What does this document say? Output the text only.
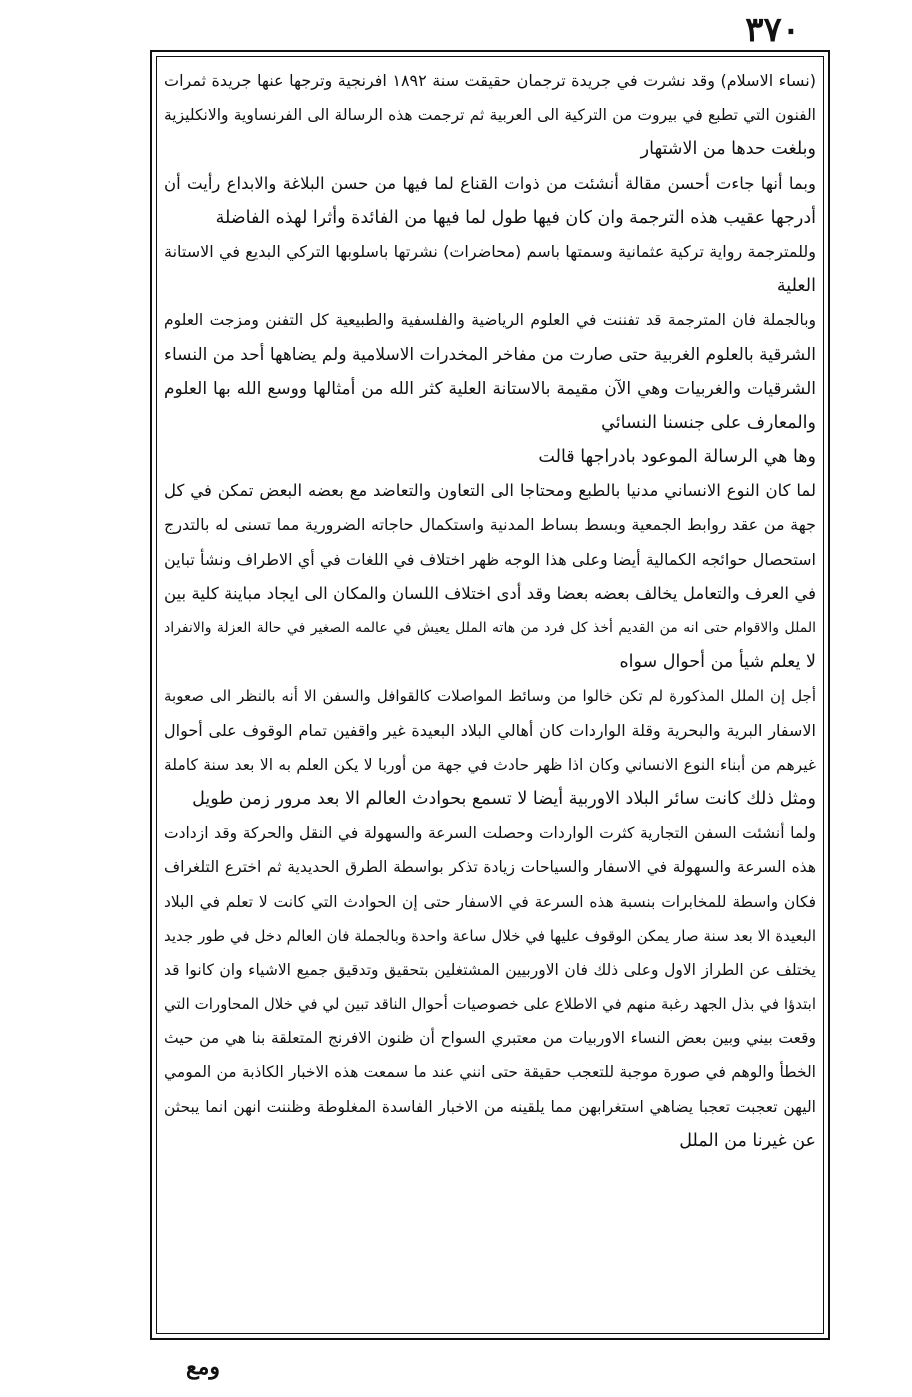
٣٧٠
(نساء الاسلام) وقد نشرت في جريدة ترجمان حقيقت سنة ١٨٩٢ افرنجية وترجها عنها جريدة ثمرات
الفنون التي تطبع في بيروت من التركية الى العربية ثم ترجمت هذه الرسالة الى الفرنساوية والانكليزية
وبلغت حدها من الاشتهار
وبما أنها جاءت أحسن مقالة أنشئت من ذوات القناع لما فيها من حسن البلاغة والابداع رأيت أن
أدرجها عقيب هذه الترجمة وان كان فيها طول لما فيها من الفائدة وأثرا لهذه الفاضلة
وللمترجمة رواية تركية عثمانية وسمتها باسم (محاضرات) نشرتها باسلوبها التركي البديع في الاستانة
العلية
وبالجملة فان المترجمة قد تفننت في العلوم الرياضية والفلسفية والطبيعية كل التفنن ومزجت العلوم
الشرقية بالعلوم الغربية حتى صارت من مفاخر المخدرات الاسلامية ولم يضاهها أحد من النساء
الشرقيات والغربيات وهي الآن مقيمة بالاستانة العلية كثر الله من أمثالها ووسع الله بها العلوم
والمعارف على جنسنا النسائي
وها هي الرسالة الموعود بادراجها قالت
لما كان النوع الانساني مدنيا بالطبع ومحتاجا الى التعاون والتعاضد مع بعضه البعض تمكن في كل
جهة من عقد روابط الجمعية وبسط بساط المدنية واستكمال حاجاته الضرورية مما تسنى له بالتدرج
استحصال حوائجه الكمالية أيضا وعلى هذا الوجه ظهر اختلاف في اللغات في أي الاطراف ونشأ تباين
في العرف والتعامل يخالف بعضه بعضا وقد أدى اختلاف اللسان والمكان الى ايجاد مباينة كلية بين
الملل والاقوام حتى انه من القديم أخذ كل فرد من هاته الملل يعيش في عالمه الصغير في حالة العزلة والانفراد
لا يعلم شيأ من أحوال سواه
أجل إن الملل المذكورة لم تكن خالوا من وسائط المواصلات كالقوافل والسفن الا أنه بالنظر الى صعوبة
الاسفار البرية والبحرية وقلة الواردات كان أهالي البلاد البعيدة غير واقفين تمام الوقوف على أحوال
غيرهم من أبناء النوع الانساني وكان اذا ظهر حادث في جهة من أوربا لا يكن العلم به الا بعد سنة كاملة
ومثل ذلك كانت سائر البلاد الاوربية أيضا لا تسمع بحوادث العالم الا بعد مرور زمن طويل
ولما أنشئت السفن التجارية كثرت الواردات وحصلت السرعة والسهولة في النقل والحركة وقد ازدادت
هذه السرعة والسهولة في الاسفار والسياحات زيادة تذكر بواسطة الطرق الحديدية ثم اخترع التلغراف
فكان واسطة للمخابرات بنسبة هذه السرعة في الاسفار حتى إن الحوادث التي كانت لا تعلم في البلاد
البعيدة الا بعد سنة صار يمكن الوقوف عليها في خلال ساعة واحدة وبالجملة فان العالم دخل في طور جديد
يختلف عن الطراز الاول وعلى ذلك فان الاوربيين المشتغلين بتحقيق وتدقيق جميع الاشياء وان كانوا قد
ابتدؤا في بذل الجهد رغبة منهم في الاطلاع على خصوصيات أحوال الناقد تبين لي في خلال المحاورات التي
وقعت بيني وبين بعض النساء الاوربيات من معتبري السواح أن ظنون الافرنج المتعلقة بنا هي من حيث
الخطأ والوهم في صورة موجبة للتعجب حقيقة حتى انني عند ما سمعت هذه الاخبار الكاذبة من المومي
اليهن تعجبت تعجبا يضاهي استغرابهن مما يلقينه من الاخبار الفاسدة المغلوطة وظننت انهن انما يبحثن
عن غيرنا من الملل
ومع
